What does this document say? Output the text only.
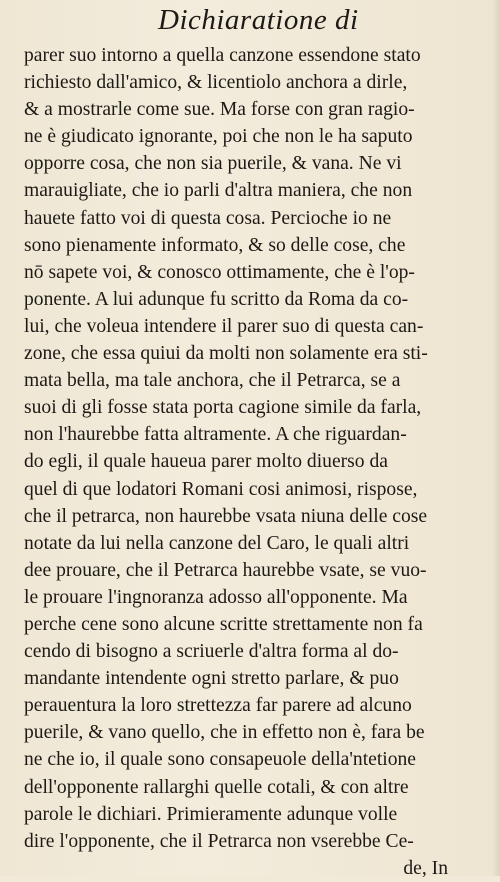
Dichiaratione di
parer suo intorno a quella canzone essendone stato
richiesto dall'amico, & licentiolo anchora a dirle,
& a mostrarle come sue. Ma forse con gran ragio-
ne è giudicato ignorante, poi che non le ha saputo
opporre cosa, che non sia puerile, & vana. Ne vi
marauigliate, che io parli d'altra maniera, che non
hauete fatto voi di questa cosa. Percioche io ne
sono pienamente informato, & so delle cose, che
nō sapete voi, & conosco ottimamente, che è l'op-
ponente. A lui adunque fu scritto da Roma da co-
lui, che voleua intendere il parer suo di questa can-
zone, che essa quiui da molti non solamente era sti-
mata bella, ma tale anchora, che il Petrarca, se a
suoi di gli fosse stata porta cagione simile da farla,
non l'haurebbe fatta altramente. A che riguardan-
do egli, il quale haueua parer molto diuerso da
quel di que lodatori Romani cosi animosi, rispose,
che il petrarca, non haurebbe vsata niuna delle cose
notate da lui nella canzone del Caro, le quali altri
dee prouare, che il Petrarca haurebbe vsate, se vuo-
le prouare l'ingnoranza adosso all'opponente. Ma
perche cene sono alcune scritte strettamente non fa
cendo di bisogno a scriuerle d'altra forma al do-
mandante intendente ogni stretto parlare, & puo
perauentura la loro strettezza far parere ad alcuno
puerile, & vano quello, che in effetto non è, fara be
ne che io, il quale sono consapeuole della'ntetione
dell'opponente rallarghi quelle cotali, & con altre
parole le dichiari. Primieramente adunque volle
dire l'opponente, che il Petrarca non vserebbe Ce-
de, In
